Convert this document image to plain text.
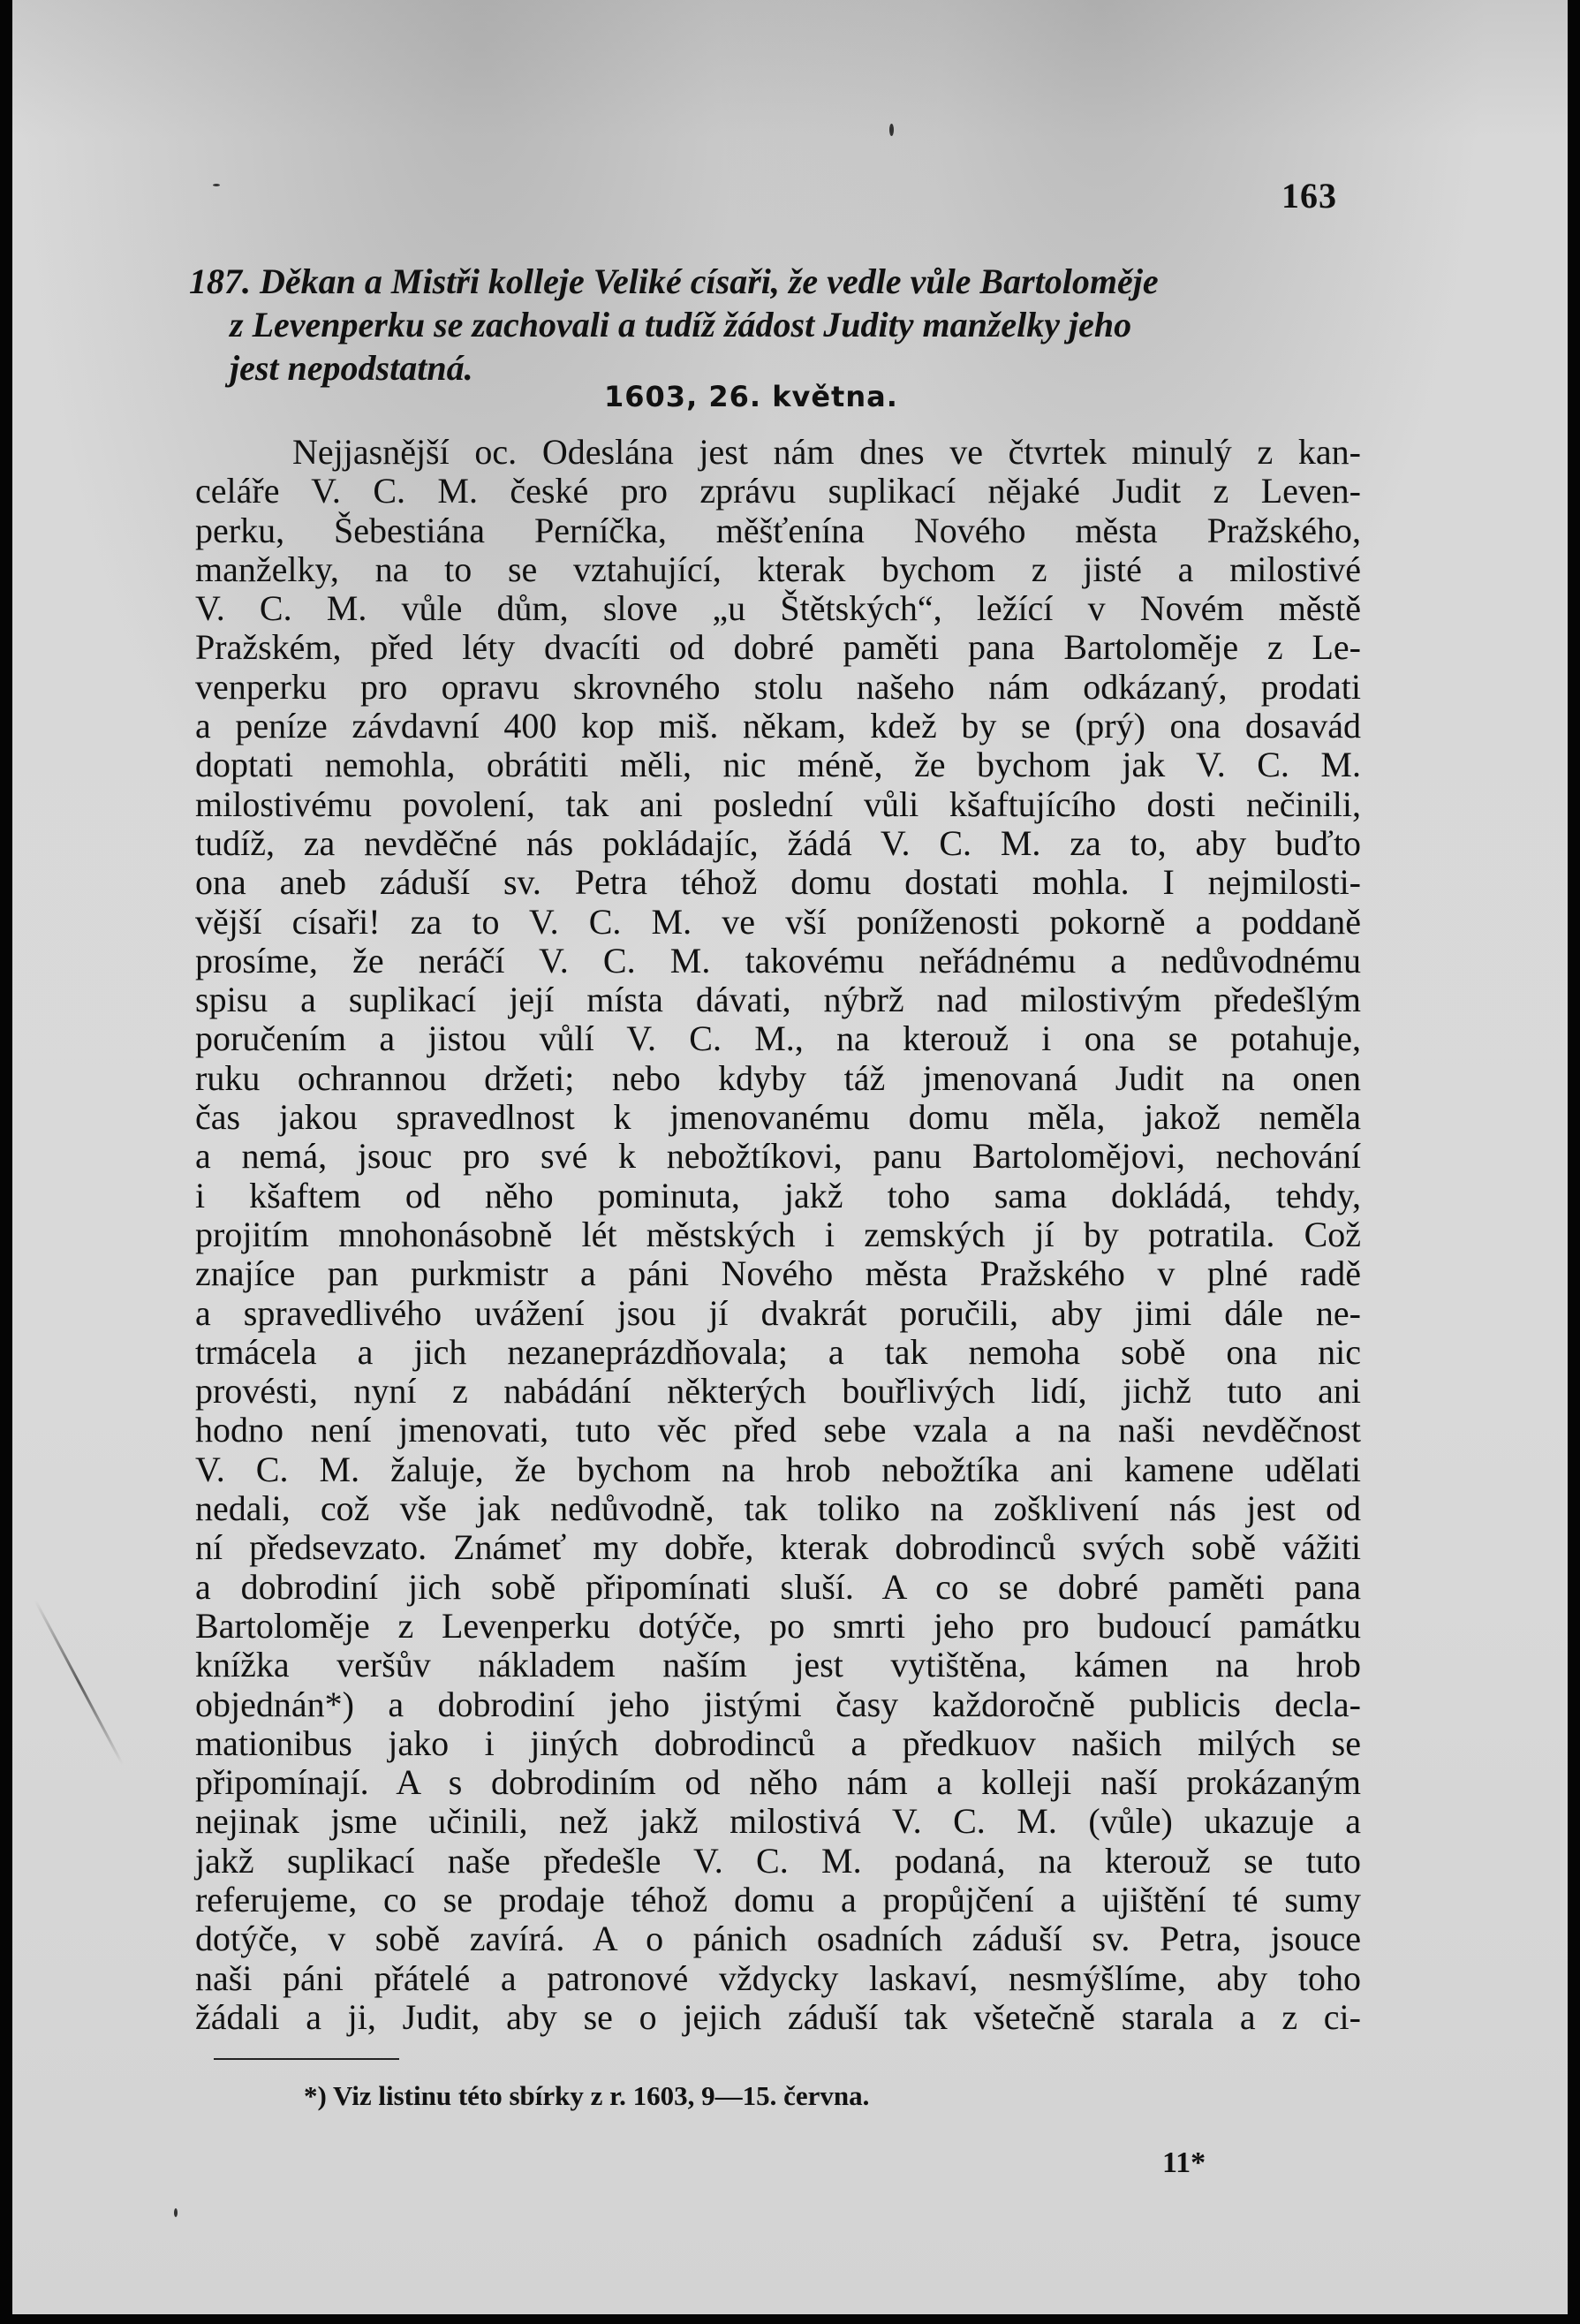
163
187. Děkan a Mistři kolleje Veliké císaři, že vedle vůle Bartoloměje
z Levenperku se zachovali a tudíž žádost Judity manželky jeho
jest nepodstatná.
1603, 26. května.
Nejjasnější oc. Odeslána jest nám dnes ve čtvrtek minulý z kan-
celáře V. C. M. české pro zprávu suplikací nějaké Judit z Leven-
perku, Šebestiána Perníčka, měšťenína Nového města Pražského,
manželky, na to se vztahující, kterak bychom z jisté a milostivé
V. C. M. vůle dům, slove „u Štětských“, ležící v Novém městě
Pražském, před léty dvacíti od dobré paměti pana Bartoloměje z Le-
venperku pro opravu skrovného stolu našeho nám odkázaný, prodati
a peníze závdavní 400 kop miš. někam, kdež by se (prý) ona dosavád
doptati nemohla, obrátiti měli, nic méně, že bychom jak V. C. M.
milostivému povolení, tak ani poslední vůli kšaftujícího dosti nečinili,
tudíž, za nevděčné nás pokládajíc, žádá V. C. M. za to, aby buďto
ona aneb záduší sv. Petra téhož domu dostati mohla. I nejmilosti-
vější císaři! za to V. C. M. ve vší poníženosti pokorně a poddaně
prosíme, že neráčí V. C. M. takovému neřádnému a nedůvodnému
spisu a suplikací její místa dávati, nýbrž nad milostivým předešlým
poručením a jistou vůlí V. C. M., na kterouž i ona se potahuje,
ruku ochrannou držeti; nebo kdyby táž jmenovaná Judit na onen
čas jakou spravedlnost k jmenovanému domu měla, jakož neměla
a nemá, jsouc pro své k nebožtíkovi, panu Bartolomějovi, nechování
i kšaftem od něho pominuta, jakž toho sama dokládá, tehdy,
projitím mnohonásobně lét městských i zemských jí by potratila. Což
znajíce pan purkmistr a páni Nového města Pražského v plné radě
a spravedlivého uvážení jsou jí dvakrát poručili, aby jimi dále ne-
trmácela a jich nezaneprázdňovala; a tak nemoha sobě ona nic
provésti, nyní z nabádání některých bouřlivých lidí, jichž tuto ani
hodno není jmenovati, tuto věc před sebe vzala a na naši nevděčnost
V. C. M. žaluje, že bychom na hrob nebožtíka ani kamene udělati
nedali, což vše jak nedůvodně, tak toliko na zošklivení nás jest od
ní předsevzato. Známeť my dobře, kterak dobrodinců svých sobě vážiti
a dobrodiní jich sobě připomínati sluší. A co se dobré paměti pana
Bartoloměje z Levenperku dotýče, po smrti jeho pro budoucí památku
knížka veršův nákladem naším jest vytištěna, kámen na hrob
objednán*) a dobrodiní jeho jistými časy každoročně publicis decla-
mationibus jako i jiných dobrodinců a předkuov našich milých se
připomínají. A s dobrodiním od něho nám a kolleji naší prokázaným
nejinak jsme učinili, než jakž milostivá V. C. M. (vůle) ukazuje a
jakž suplikací naše předešle V. C. M. podaná, na kterouž se tuto
referujeme, co se prodaje téhož domu a propůjčení a ujištění té sumy
dotýče, v sobě zavírá. A o pánich osadních záduší sv. Petra, jsouce
naši páni přátelé a patronové vždycky laskaví, nesmýšlíme, aby toho
žádali a ji, Judit, aby se o jejich záduší tak všetečně starala a z ci-
*) Viz listinu této sbírky z r. 1603, 9—15. června.
11*
